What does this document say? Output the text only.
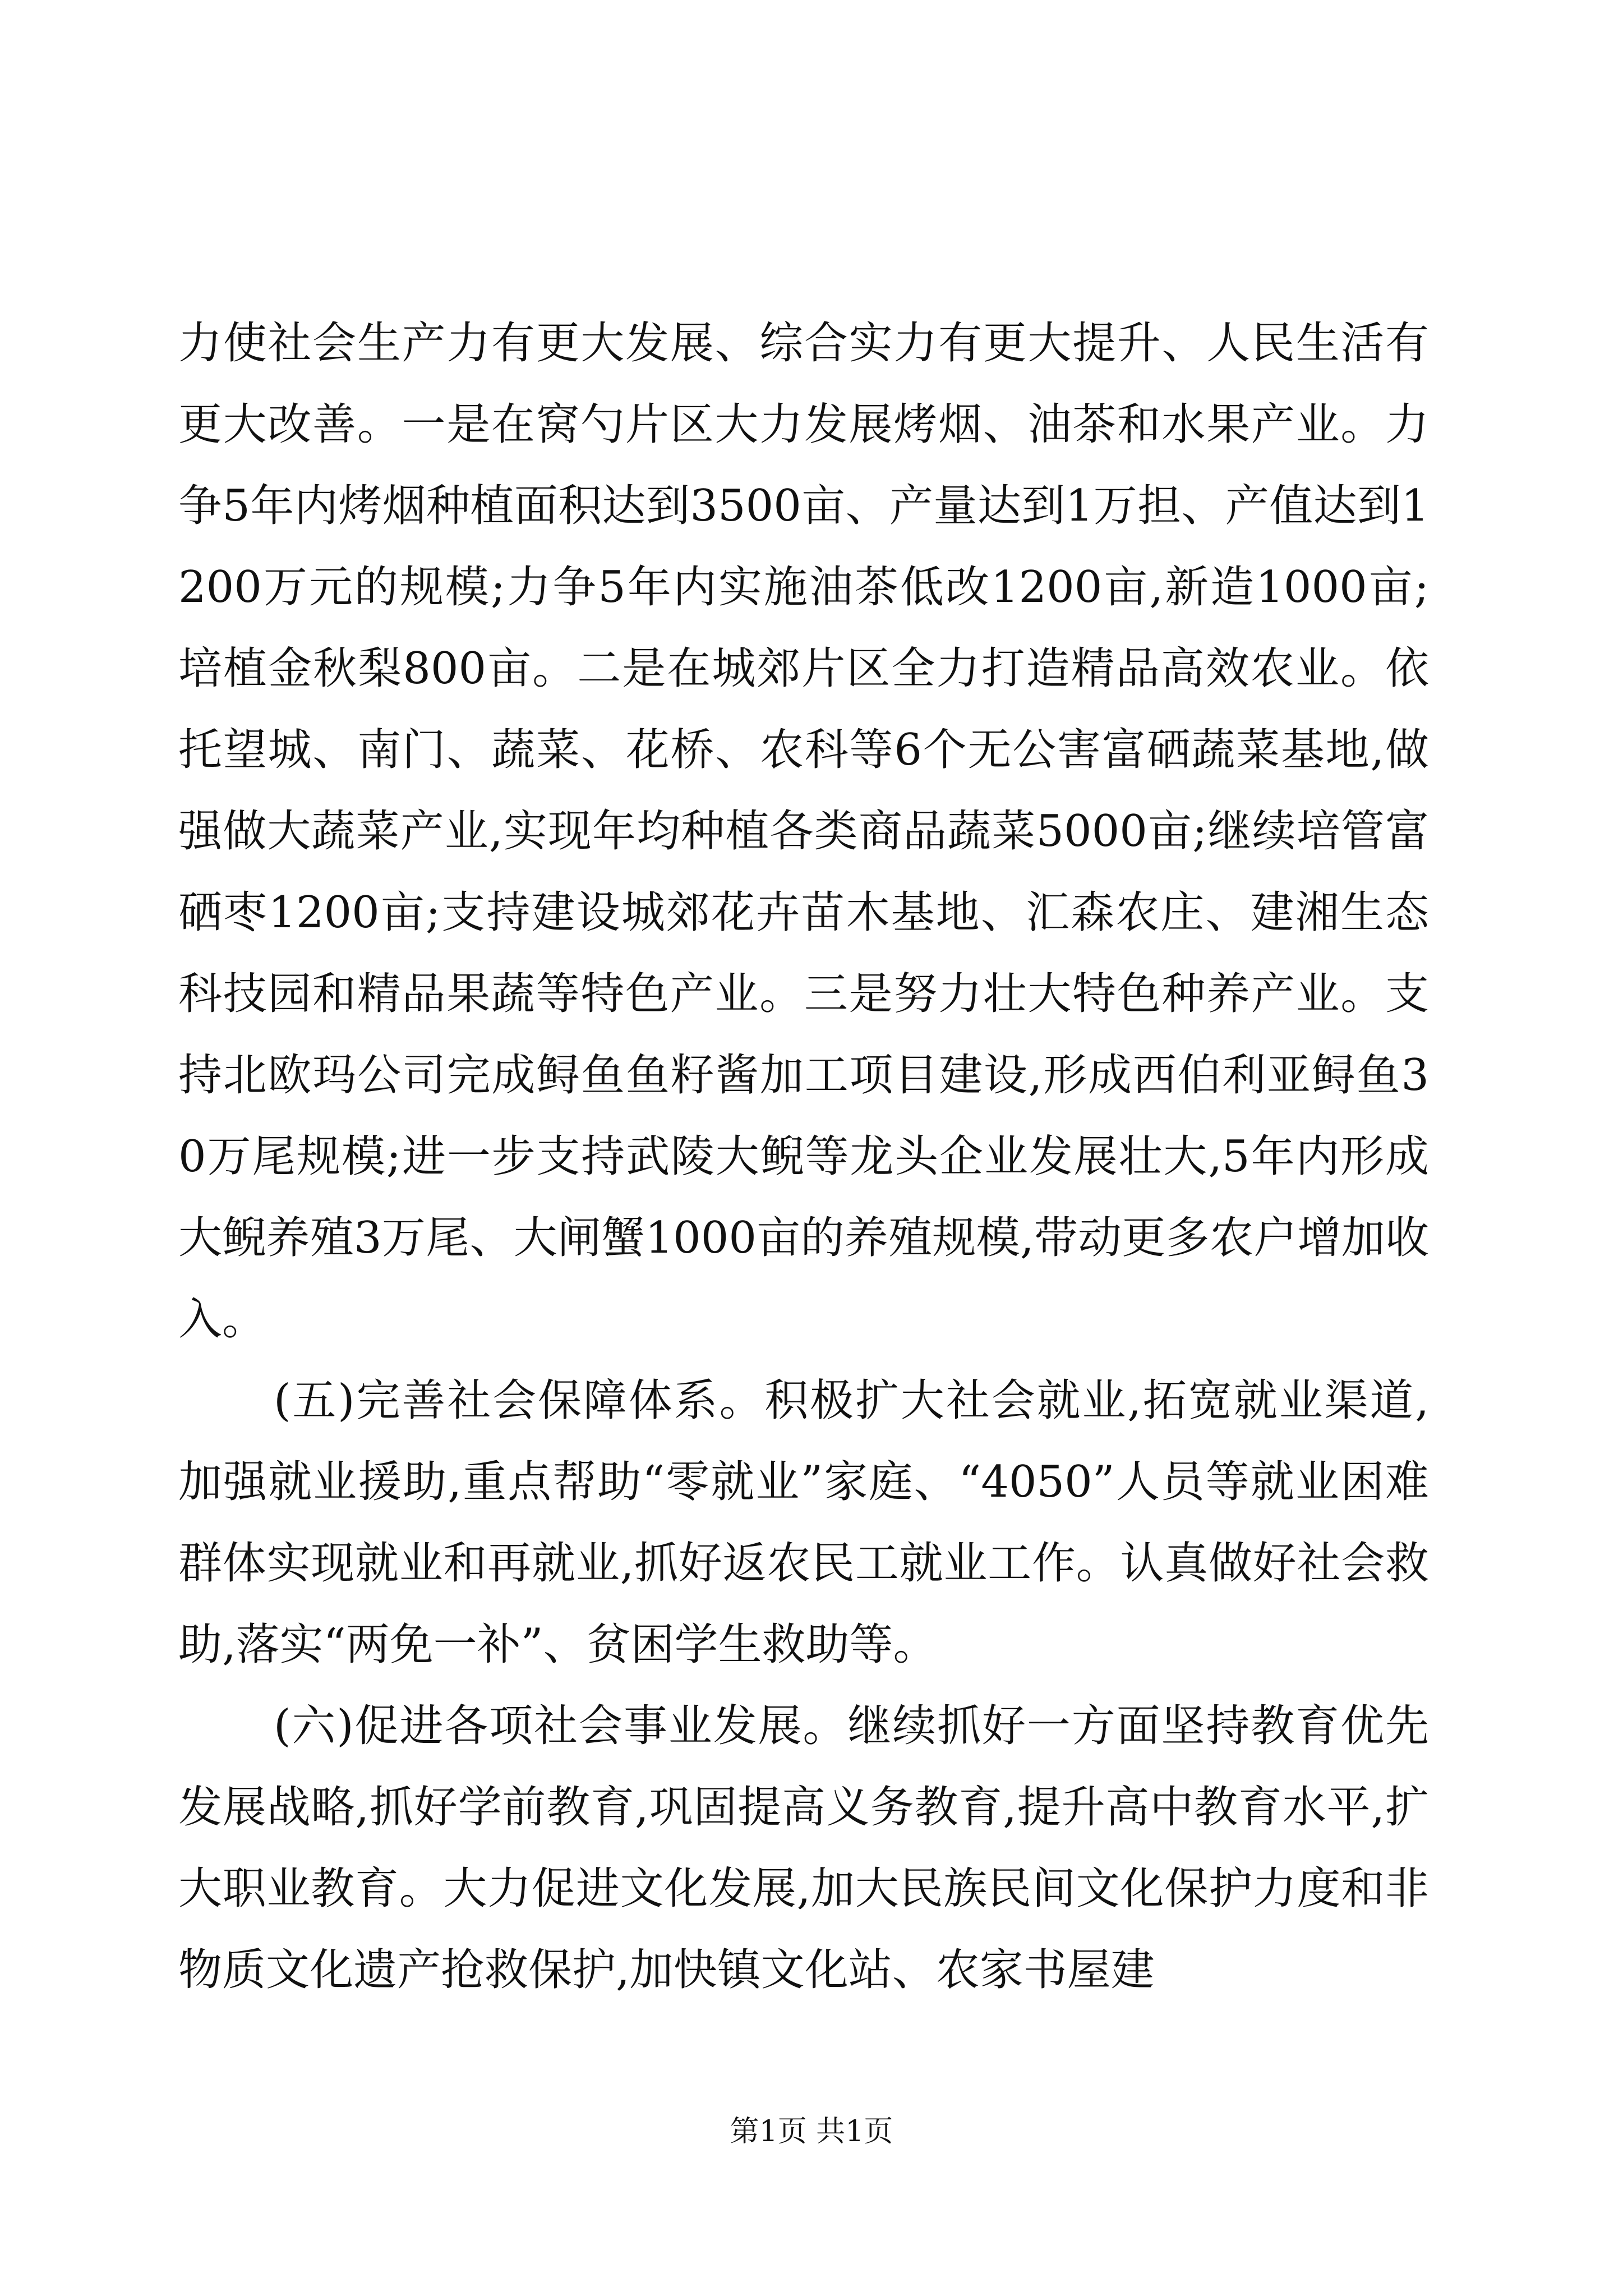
力使社会生产力有更大发展、综合实力有更大提升、人民生活有更大改善。一是在窝勺片区大力发展烤烟、油茶和水果产业。力争5年内烤烟种植面积达到3500亩、产量达到1万担、产值达到1200万元的规模;力争5年内实施油茶低改1200亩,新造1000亩;培植金秋梨800亩。二是在城郊片区全力打造精品高效农业。依托望城、南门、蔬菜、花桥、农科等6个无公害富硒蔬菜基地,做强做大蔬菜产业,实现年均种植各类商品蔬菜5000亩;继续培管富硒枣1200亩;支持建设城郊花卉苗木基地、汇森农庄、建湘生态科技园和精品果蔬等特色产业。三是努力壮大特色种养产业。支持北欧玛公司完成鲟鱼鱼籽酱加工项目建设,形成西伯利亚鲟鱼30万尾规模;进一步支持武陵大鲵等龙头企业发展壮大,5年内形成大鲵养殖3万尾、大闸蟹1000亩的养殖规模,带动更多农户增加收入。

(五)完善社会保障体系。积极扩大社会就业,拓宽就业渠道,加强就业援助,重点帮助“零就业”家庭、“4050”人员等就业困难群体实现就业和再就业,抓好返农民工就业工作。认真做好社会救助,落实“两免一补”、贫困学生救助等。

(六)促进各项社会事业发展。继续抓好一方面坚持教育优先发展战略,抓好学前教育,巩固提高义务教育,提升高中教育水平,扩大职业教育。大力促进文化发展,加大民族民间文化保护力度和非物质文化遗产抢救保护,加快镇文化站、农家书屋建

第1页 共1页
